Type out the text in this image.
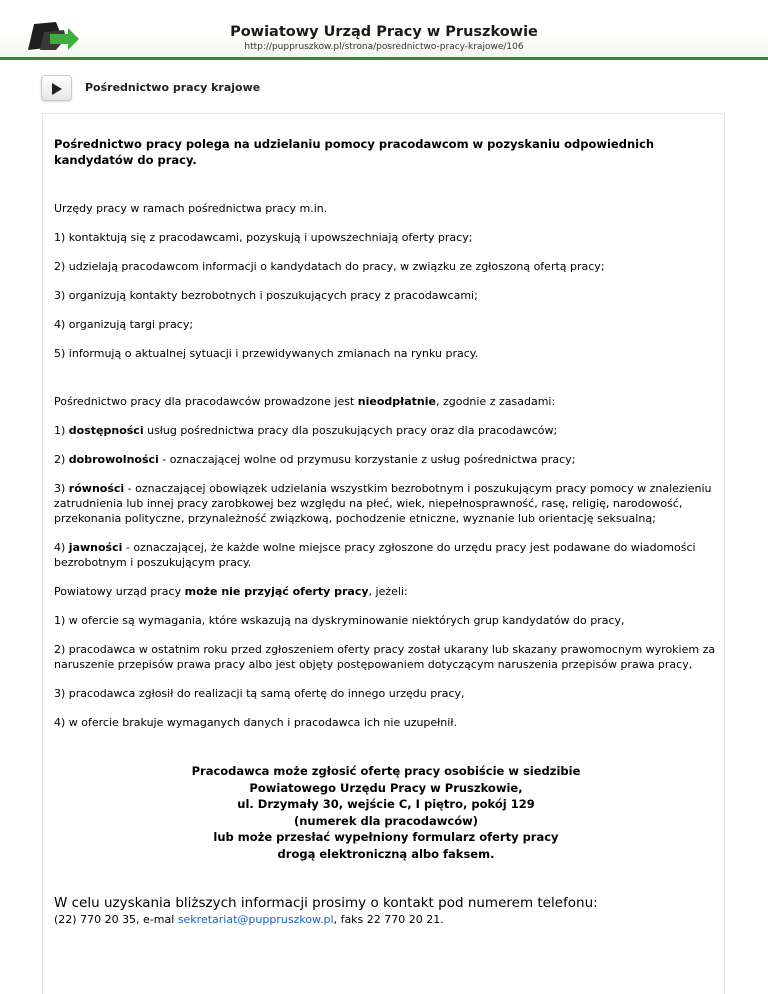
Powiatowy Urząd Pracy w Pruszkowie
http://puppruszkow.pl/strona/posrednictwo-pracy-krajowe/106
Pośrednictwo pracy krajowe

Pośrednictwo pracy polega na udzielaniu pomocy pracodawcom w pozyskaniu odpowiednich kandydatów do pracy.

Urzędy pracy w ramach pośrednictwa pracy m.in.

1) kontaktują się z pracodawcami, pozyskują i upowszechniają oferty pracy;

2) udzielają pracodawcom informacji o kandydatach do pracy, w związku ze zgłoszoną ofertą pracy;

3) organizują kontakty bezrobotnych i poszukujących pracy z pracodawcami;

4) organizują targi pracy;

5) informują o aktualnej sytuacji i przewidywanych zmianach na rynku pracy.

Pośrednictwo pracy dla pracodawców prowadzone jest nieodpłatnie, zgodnie z zasadami:

1) dostępności usług pośrednictwa pracy dla poszukujących pracy oraz dla pracodawców;

2) dobrowolności - oznaczającej wolne od przymusu korzystanie z usług pośrednictwa pracy;

3) równości - oznaczającej obowiązek udzielania wszystkim bezrobotnym i poszukującym pracy pomocy w znalezieniu zatrudnienia lub innej pracy zarobkowej bez względu na płeć, wiek, niepełnosprawność, rasę, religię, narodowość, przekonania polityczne, przynależność związkową, pochodzenie etniczne, wyznanie lub orientację seksualną;

4) jawności - oznaczającej, że każde wolne miejsce pracy zgłoszone do urzędu pracy jest podawane do wiadomości bezrobotnym i poszukującym pracy.

Powiatowy urząd pracy może nie przyjąć oferty pracy, jeżeli:

1) w ofercie są wymagania, które wskazują na dyskryminowanie niektórych grup kandydatów do pracy,

2) pracodawca w ostatnim roku przed zgłoszeniem oferty pracy został ukarany lub skazany prawomocnym wyrokiem za naruszenie przepisów prawa pracy albo jest objęty postępowaniem dotyczącym naruszenia przepisów prawa pracy,

3) pracodawca zgłosił do realizacji tą samą ofertę do innego urzędu pracy,

4) w ofercie brakuje wymaganych danych i pracodawca ich nie uzupełnił.

Pracodawca może zgłosić ofertę pracy osobiście w siedzibie
Powiatowego Urzędu Pracy w Pruszkowie,
ul. Drzymały 30, wejście C, I piętro, pokój 129
(numerek dla pracodawców)
lub może przesłać wypełniony formularz oferty pracy
drogą elektroniczną albo faksem.

W celu uzyskania bliższych informacji prosimy o kontakt pod numerem telefonu:

(22) 770 20 35, e-mal sekretariat@puppruszkow.pl, faks 22 770 20 21.
